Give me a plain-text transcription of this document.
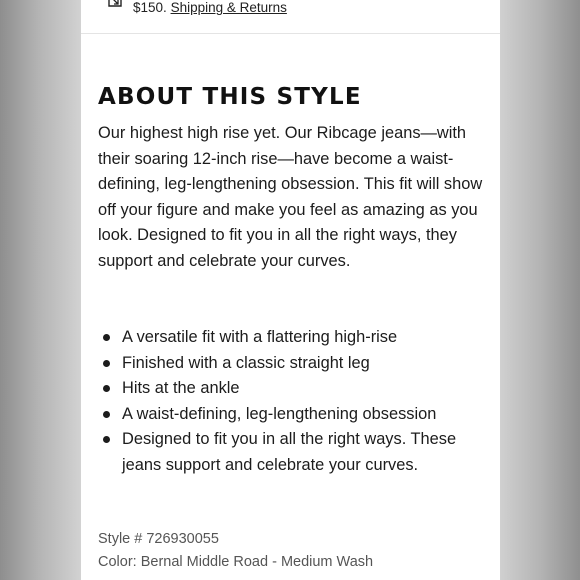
$150. Shipping & Returns
ABOUT THIS STYLE

Our highest high rise yet. Our Ribcage jeans—with their soaring 12-inch rise—have become a waist-defining, leg-lengthening obsession. This fit will show off your figure and make you feel as amazing as you look. Designed to fit you in all the right ways, they support and celebrate your curves.

A versatile fit with a flattering high-rise
Finished with a classic straight leg
Hits at the ankle
A waist-defining, leg-lengthening obsession
Designed to fit you in all the right ways. These jeans support and celebrate your curves.
Style # 726930055
Color: Bernal Middle Road - Medium Wash
